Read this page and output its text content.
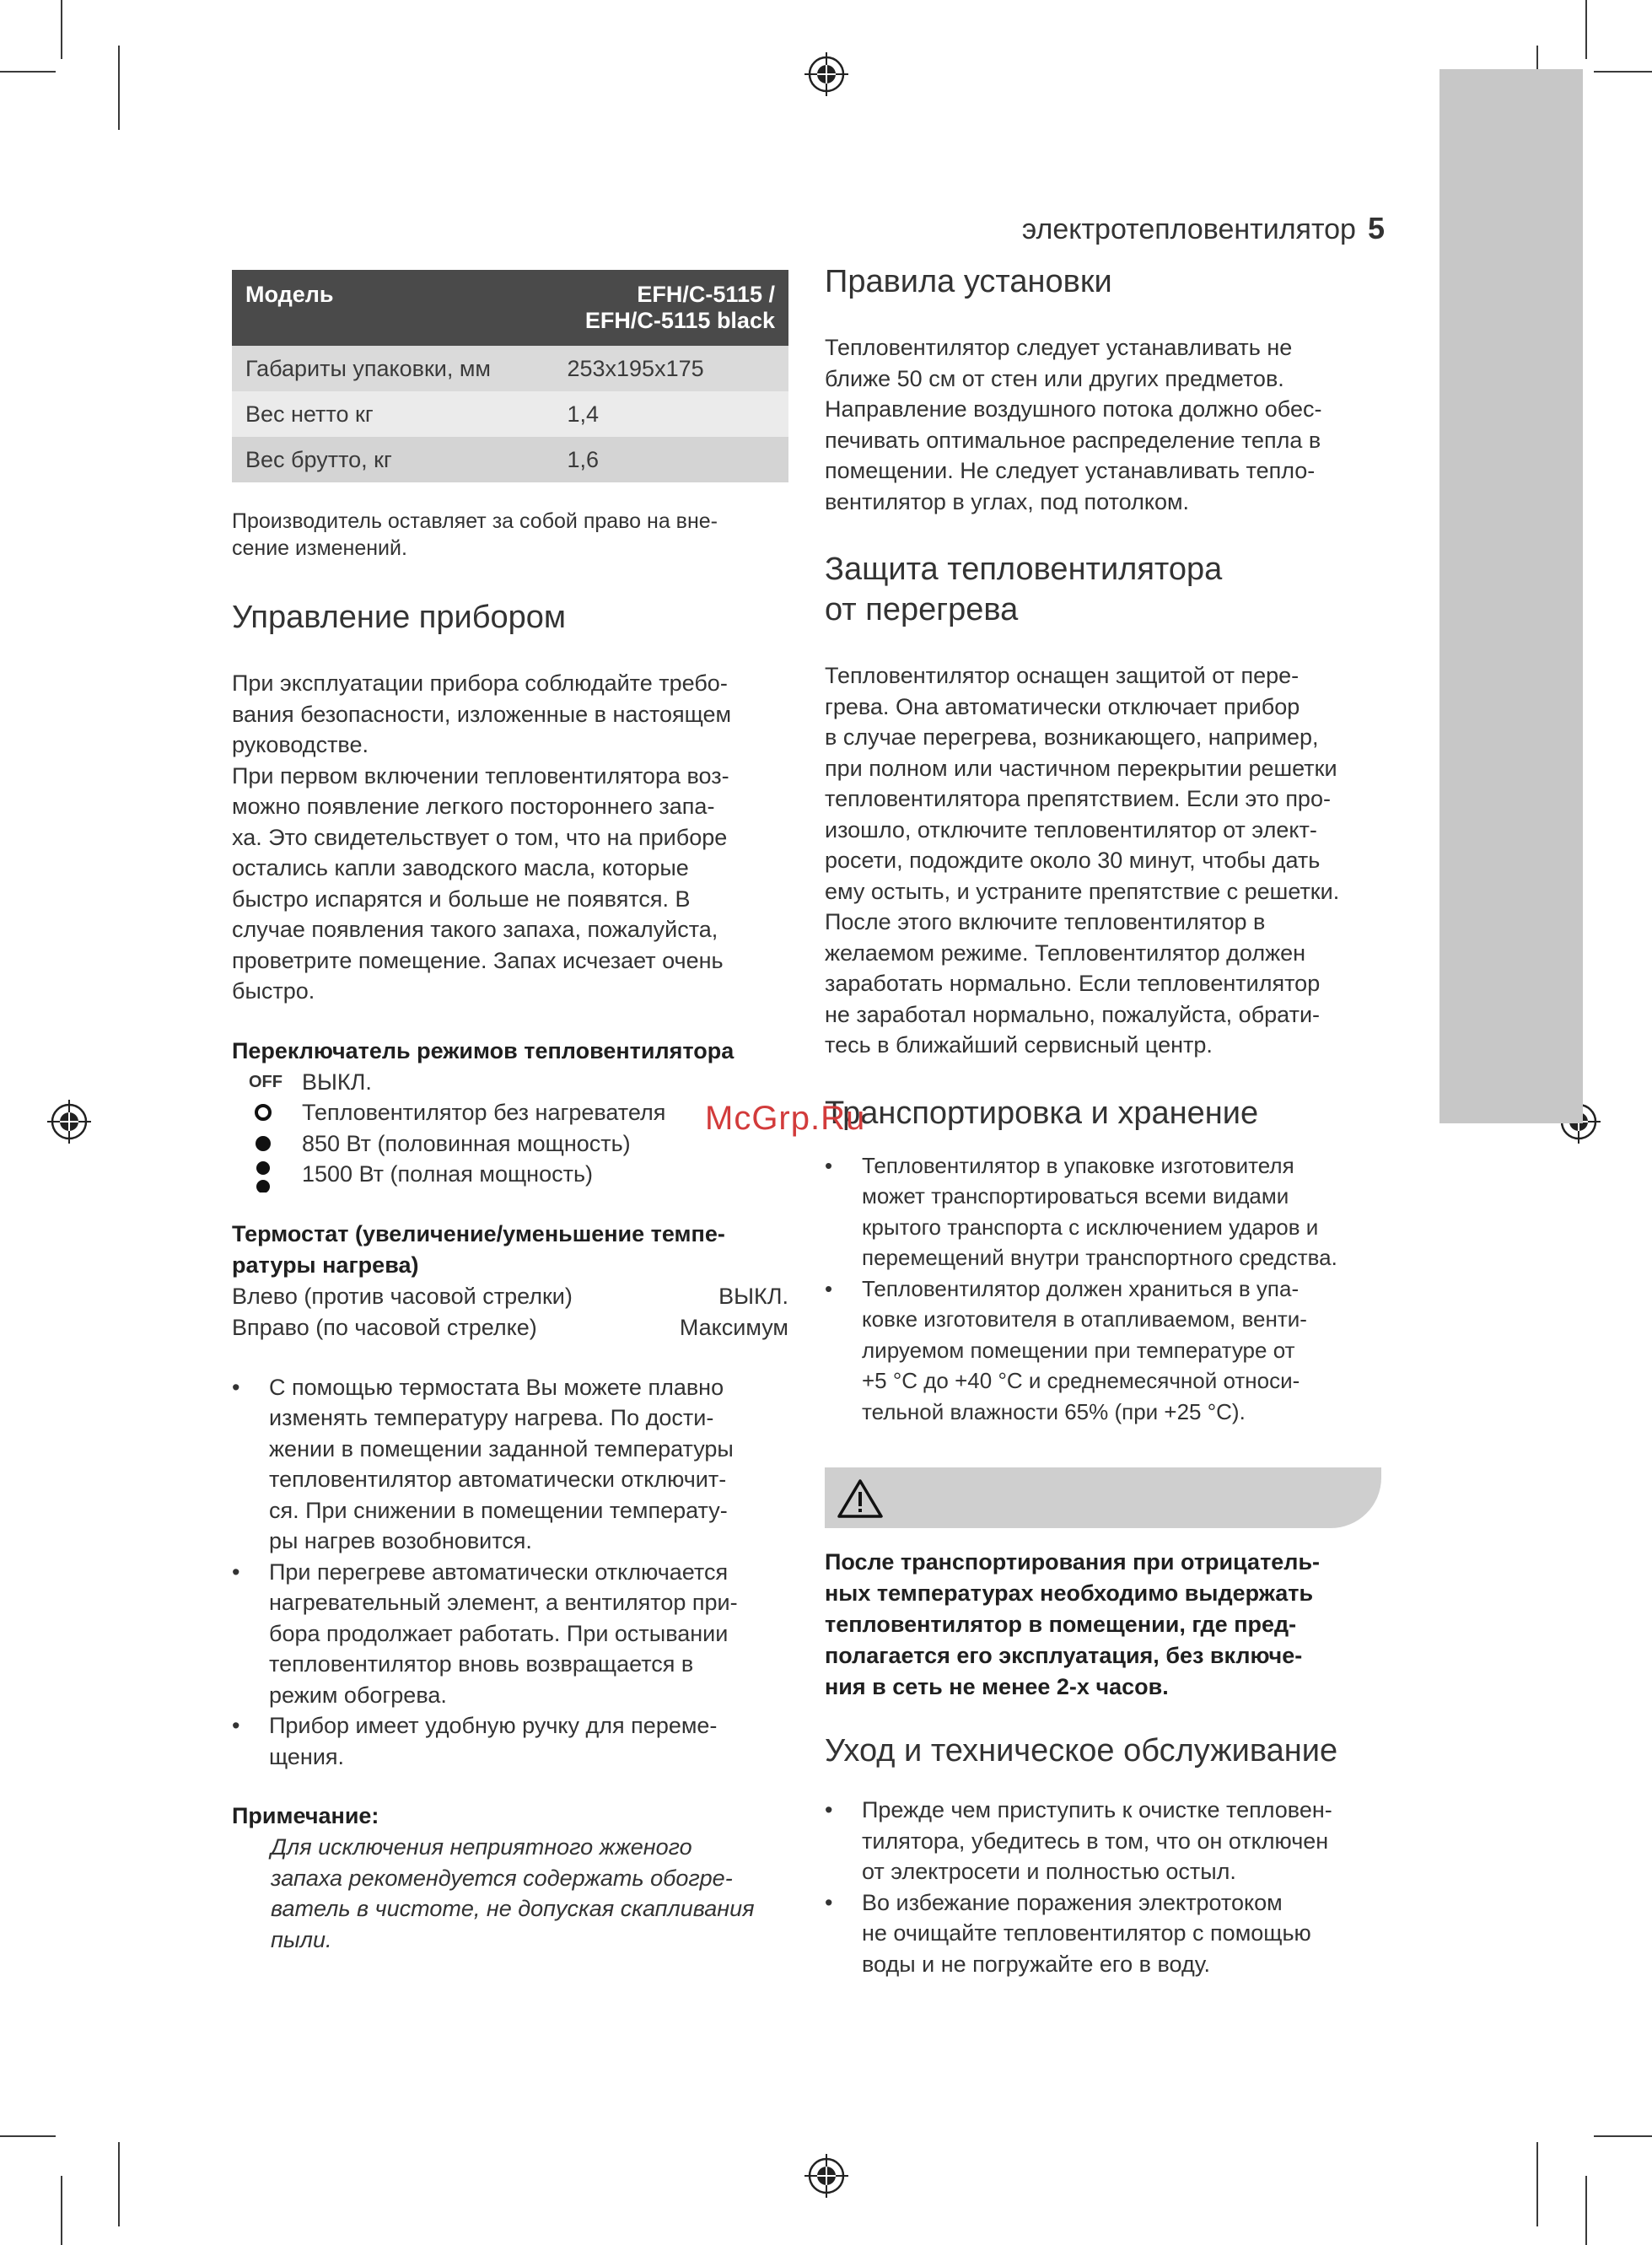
электротепловентилятор 5
Модель	EFH/C-5115 /
EFH/C-5115 black

Габариты упаковки, мм	253x195x175
Вес нетто кг	1,4
Вес брутто, кг	1,6

Производитель оставляет за собой право на вне-
сение изменений.

Управление прибором

При эксплуатации прибора соблюдайте требо-
вания безопасности, изложенные в настоящем
руководстве.
При первом включении тепловентилятора воз-
можно появление легкого постороннего запа-
ха. Это свидетельствует о том, что на приборе
остались капли заводского масла, которые
быстро испарятся и больше не появятся. В
случае появления такого запаха, пожалуйста,
проветрите помещение. Запах исчезает очень
быстро.

Переключатель режимов тепловентилятора

OFF ВЫКЛ.
Тепловентилятор без нагревателя
850 Вт (половинная мощность)
1500 Вт (полная мощность)

Термостат (увеличение/уменьшение темпе-
ратуры нагрева)

Влево (против часовой стрелки)	ВЫКЛ.
Вправо (по часовой стрелке)	Максимум
• С помощью термостата Вы можете плавно
изменять температуру нагрева. По дости-
жении в помещении заданной температуры
тепловентилятор автоматически отключит-
ся. При снижении в помещении температу-
ры нагрев возобновится.
• При перегреве автоматически отключается
нагревательный элемент, а вентилятор при-
бора продолжает работать. При остывании
тепловентилятор вновь возвращается в
режим обогрева.
• Прибор имеет удобную ручку для переме-
щения.

Примечание:

Для исключения неприятного жженого
запаха рекомендуется содержать обогре-
ватель в чистоте, не допуская скапливания
пыли.

Правила установки

Тепловентилятор следует устанавливать не
ближе 50 см от стен или других предметов.
Направление воздушного потока должно обес-
печивать оптимальное распределение тепла в
помещении. Не следует устанавливать тепло-
вентилятор в углах, под потолком.

Защита тепловентилятора
от перегрева

Тепловентилятор оснащен защитой от пере-
грева. Она автоматически отключает прибор
в случае перегрева, возникающего, например,
при полном или частичном перекрытии решетки
тепловентилятора препятствием. Если это про-
изошло, отключите тепловентилятор от элект-
росети, подождите около 30 минут, чтобы дать
ему остыть, и устраните препятствие с решетки.
После этого включите тепловентилятор в
желаемом режиме. Тепловентилятор должен
заработать нормально. Если тепловентилятор
не заработал нормально, пожалуйста, обрати-
тесь в ближайший сервисный центр.

Транспортировка и хранение
• Тепловентилятор в упаковке изготовителя
может транспортироваться всеми видами
крытого транспорта с исключением ударов и
перемещений внутри транспортного средства.
• Тепловентилятор должен храниться в упа-
ковке изготовителя в отапливаемом, венти-
лируемом помещении при температуре от
+5 °С до +40 °С и среднемесячной относи-
тельной влажности 65% (при +25 °С).

После транспортирования при отрицатель-
ных температурах необходимо выдержать
тепловентилятор в помещении, где пред-
полагается его эксплуатация, без включе-
ния в сеть не менее 2-х часов.

Уход и техническое обслуживание
• Прежде чем приступить к очистке тепловен-
тилятора, убедитесь в том, что он отключен
от электросети и полностью остыл.
• Во избежание поражения электротоком
не очищайте тепловентилятор с помощью
воды и не погружайте его в воду.
McGrp.Ru
